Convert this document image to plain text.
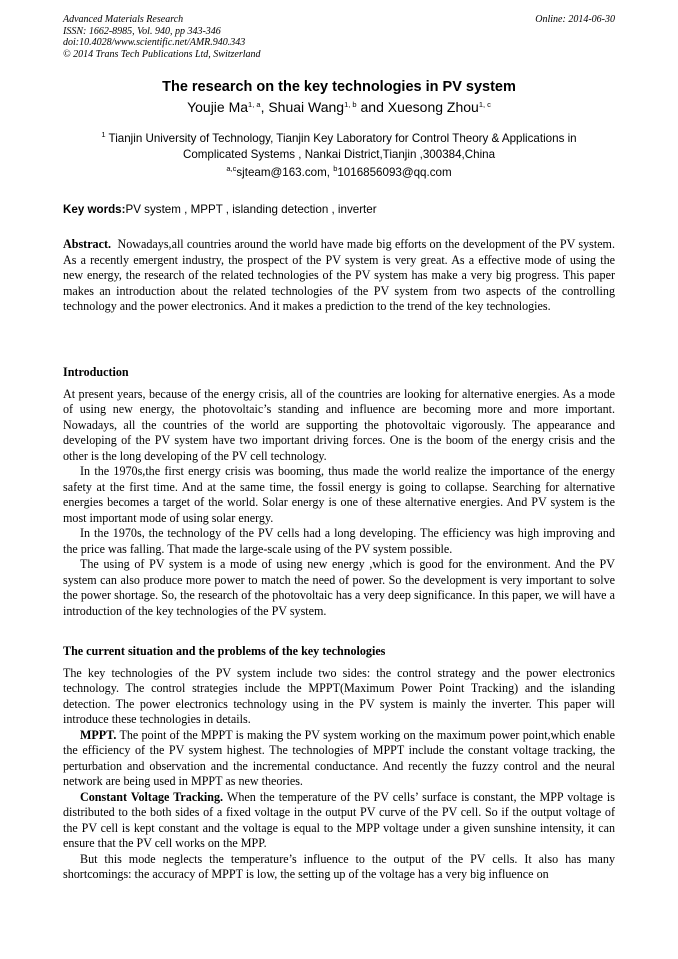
Advanced Materials Research
ISSN: 1662-8985, Vol. 940, pp 343-346
doi:10.4028/www.scientific.net/AMR.940.343
© 2014 Trans Tech Publications Ltd, Switzerland
Online: 2014-06-30
The research on the key technologies in PV system
Youjie Ma$^{1, a}$, Shuai Wang$^{1, b}$ and Xuesong Zhou$^{1, c}$
$^1$ Tianjin University of Technology, Tianjin Key Laboratory for Control Theory & Applications in Complicated Systems , Nankai District,Tianjin ,300384,China
$^{a,c}$sjteam@163.com, $^b$1016856093@qq.com
Key words:PV system , MPPT , islanding detection , inverter

Abstract.  Nowadays,all countries around the world have made big efforts on the development of the PV system. As a recently emergent industry, the prospect of the PV system is very great. As a effective mode of using the new energy, the research of the related technologies of the PV system has make a very big progress. This paper makes an introduction about the related technologies of the PV system from two aspects of the controlling technology and the power electronics. And it makes a prediction to the trend of the key technologies.

Introduction

At present years, because of the energy crisis, all of the countries are looking for alternative energies. As a mode of using new energy, the photovoltaic’s standing and influence are becoming more and more important. Nowadays, all the countries of the world are supporting the photovoltaic vigorously. The appearance and developing of the PV system have two important driving forces. One is the boom of the energy crisis and the other is the long developing of the PV cell technology.

In the 1970s,the first energy crisis was booming, thus made the world realize the importance of the energy safety at the first time. And at the same time, the fossil energy is going to collapse. Searching for alternative energies becomes a target of the world. Solar energy is one of these alternative energies. And PV system is the most important mode of using solar energy.

In the 1970s, the technology of the PV cells had a long developing. The efficiency was high improving and the price was falling. That made the large-scale using of the PV system possible.

The using of PV system is a mode of using new energy ,which is good for the environment. And the PV system can also produce more power to match the need of power. So the development is very important to solve the power shortage. So, the research of the photovoltaic has a very deep significance. In this paper, we will have a introduction of the key technologies of the PV system.

The current situation and the problems of the key technologies

The key technologies of the PV system include two sides: the control strategy and the power electronics technology. The control strategies include the MPPT(Maximum Power Point Tracking) and the islanding detection. The power electronics technology using in the PV system is mainly the inverter. This paper will introduce these technologies in details.

MPPT. The point of the MPPT is making the PV system working on the maximum power point,which enable the efficiency of the PV system highest. The technologies of MPPT include the constant voltage tracking, the perturbation and observation and the incremental conductance. And recently the fuzzy control and the neural network are being used in MPPT as new theories.

Constant Voltage Tracking. When the temperature of the PV cells’ surface is constant, the MPP voltage is distributed to the both sides of a fixed voltage in the output PV curve of the PV cell. So if the output voltage of the PV cell is kept constant and the voltage is equal to the MPP voltage under a given sunshine intensity, it can ensure that the PV cell works on the MPP.

But this mode neglects the temperature’s influence to the output of the PV cells. It also has many shortcomings: the accuracy of MPPT is low, the setting up of the voltage has a very big influence on
